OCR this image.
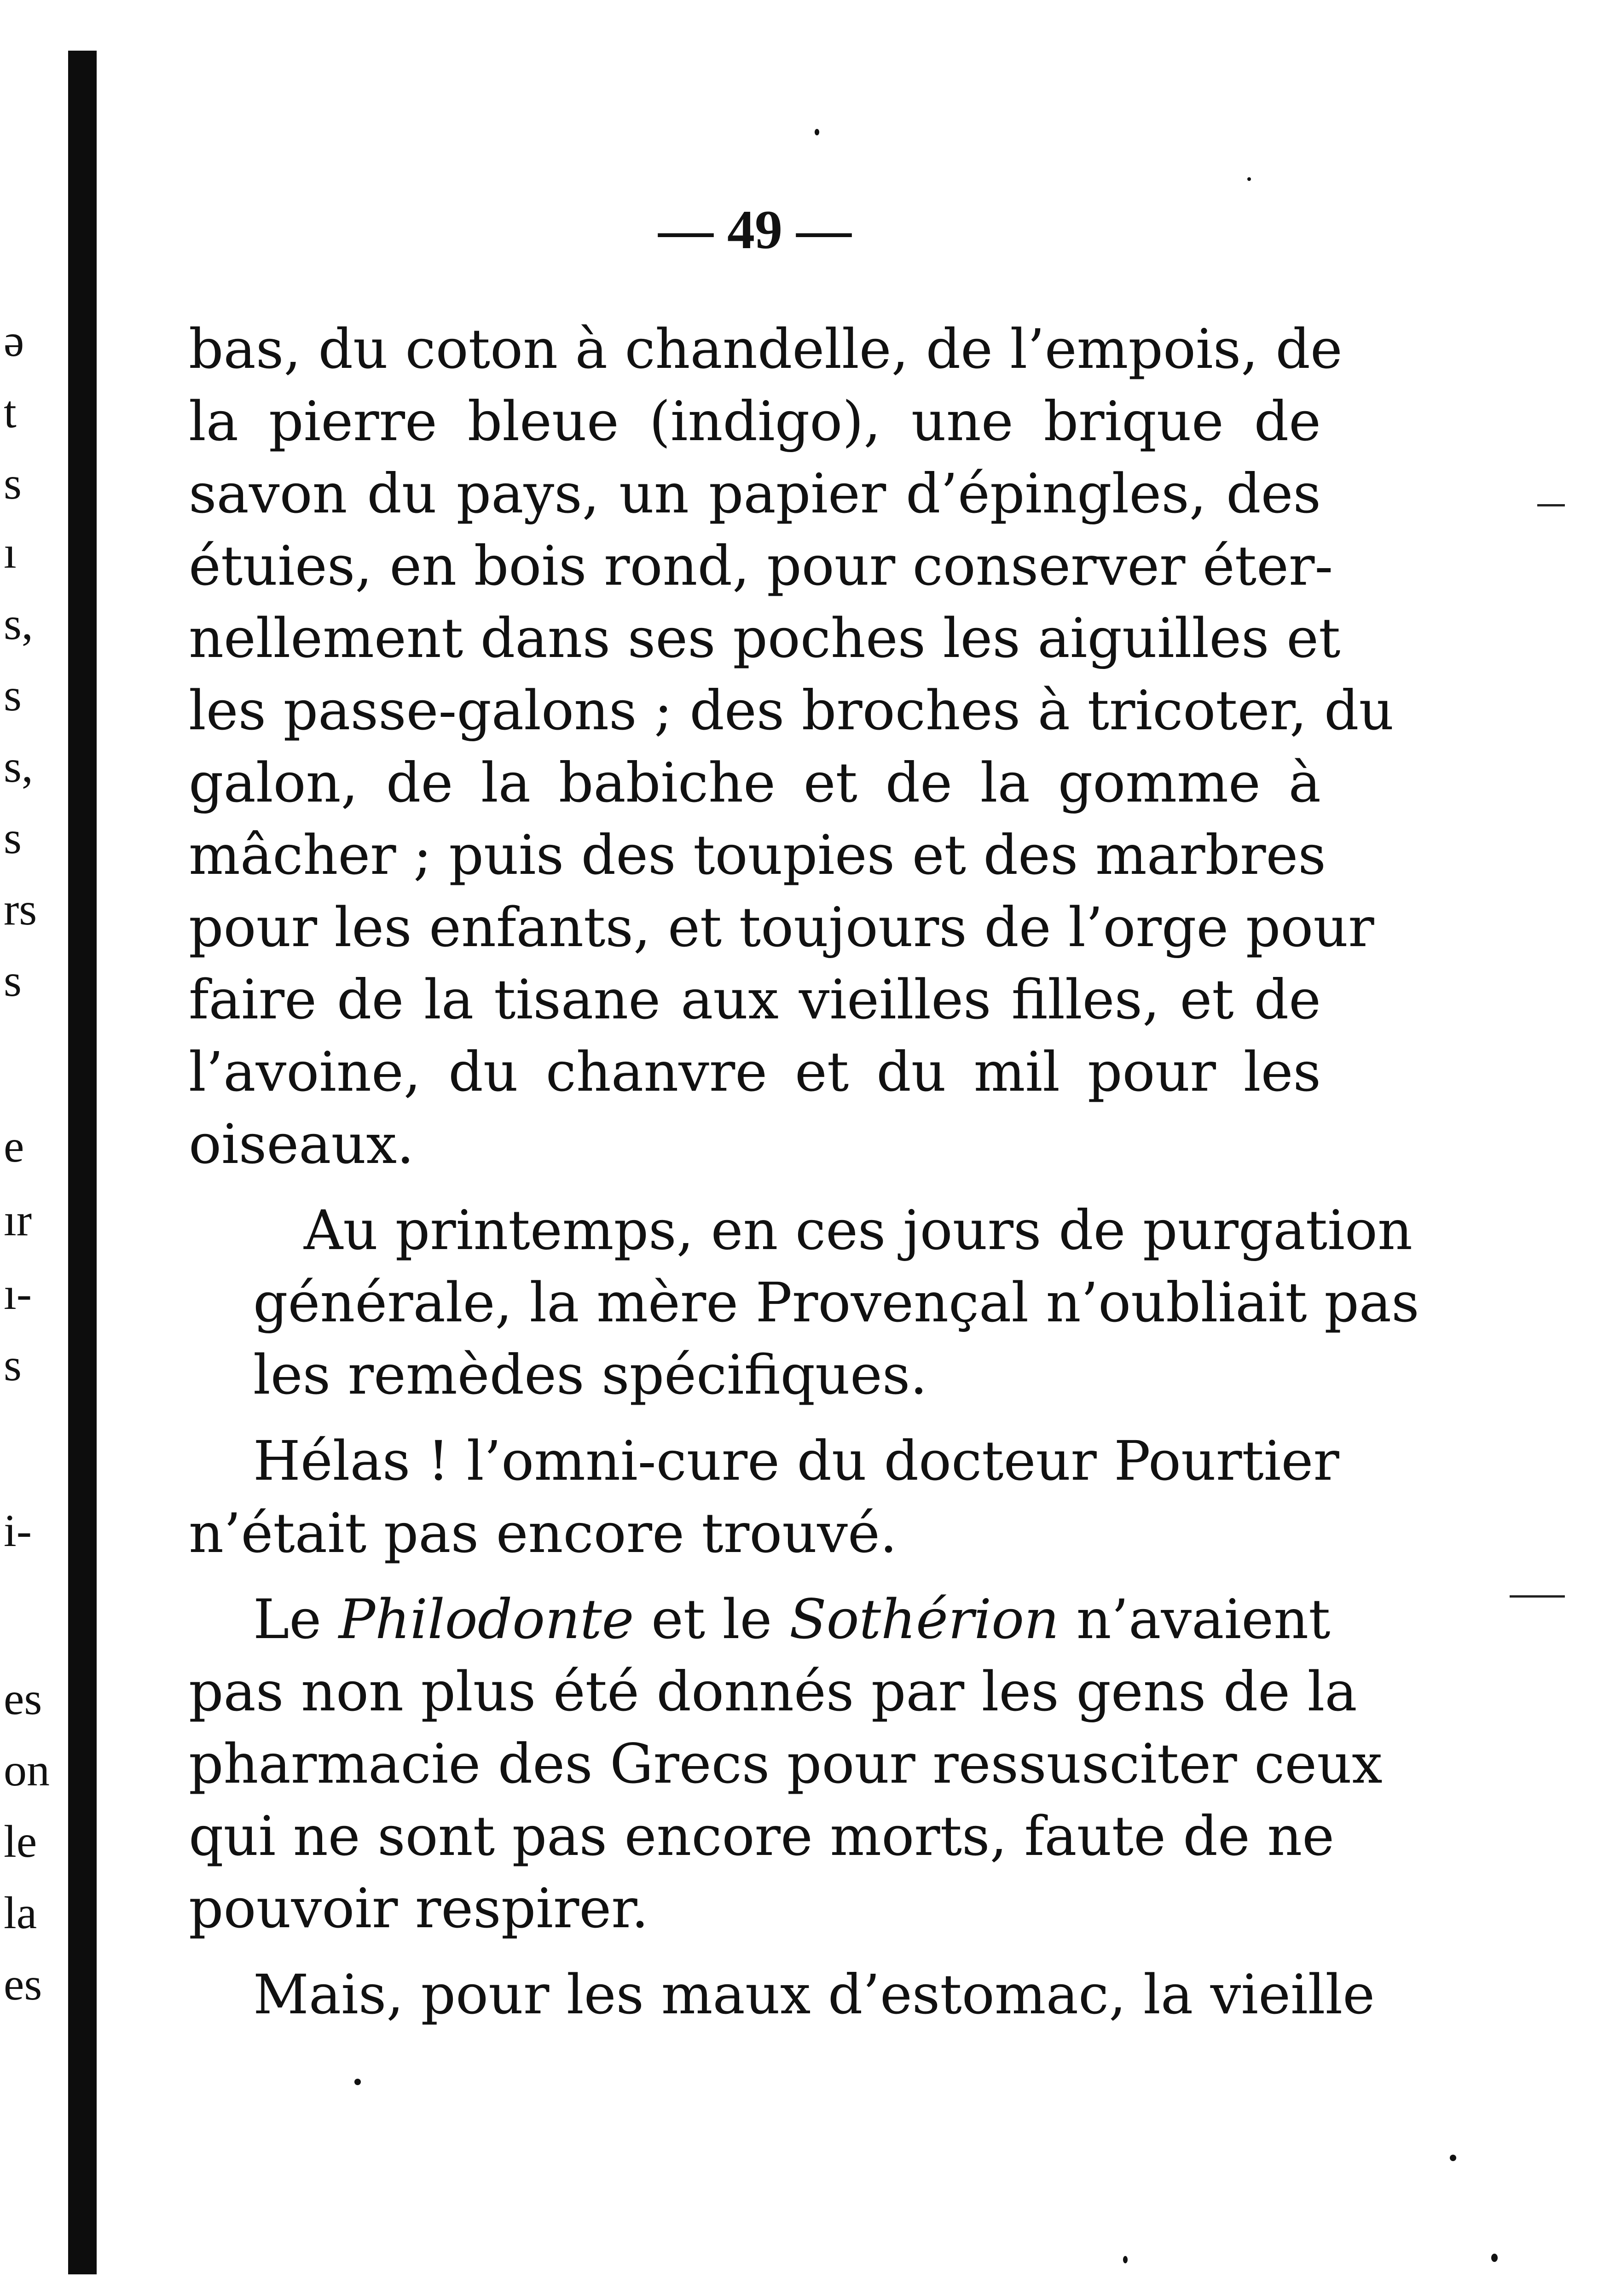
ə
t
s
ı
s,
s
s,
s
rs
s
e
ır
ı-
s
i-
es
on
le
la
es
— 49 —

bas, du coton à chandelle, de l’empois, de
la pierre bleue (indigo), une brique de
savon du pays, un papier d’épingles, des
étuies, en bois rond, pour conserver éter-
nellement dans ses poches les aiguilles et
les passe-galons ; des broches à tricoter, du
galon, de la babiche et de la gomme à
mâcher ; puis des toupies et des marbres
pour les enfants, et toujours de l’orge pour
faire de la tisane aux vieilles filles, et de
l’avoine, du chanvre et du mil pour les
oiseaux.

Au printemps, en ces jours de purgation
générale, la mère Provençal n’oubliait pas
les remèdes spécifiques.

Hélas ! l’omni-cure du docteur Pourtier
n’était pas encore trouvé.

Le Philodonte et le Sothérion n’avaient
pas non plus été donnés par les gens de la
pharmacie des Grecs pour ressusciter ceux
qui ne sont pas encore morts, faute de ne
pouvoir respirer.

Mais, pour les maux d’estomac, la vieille
